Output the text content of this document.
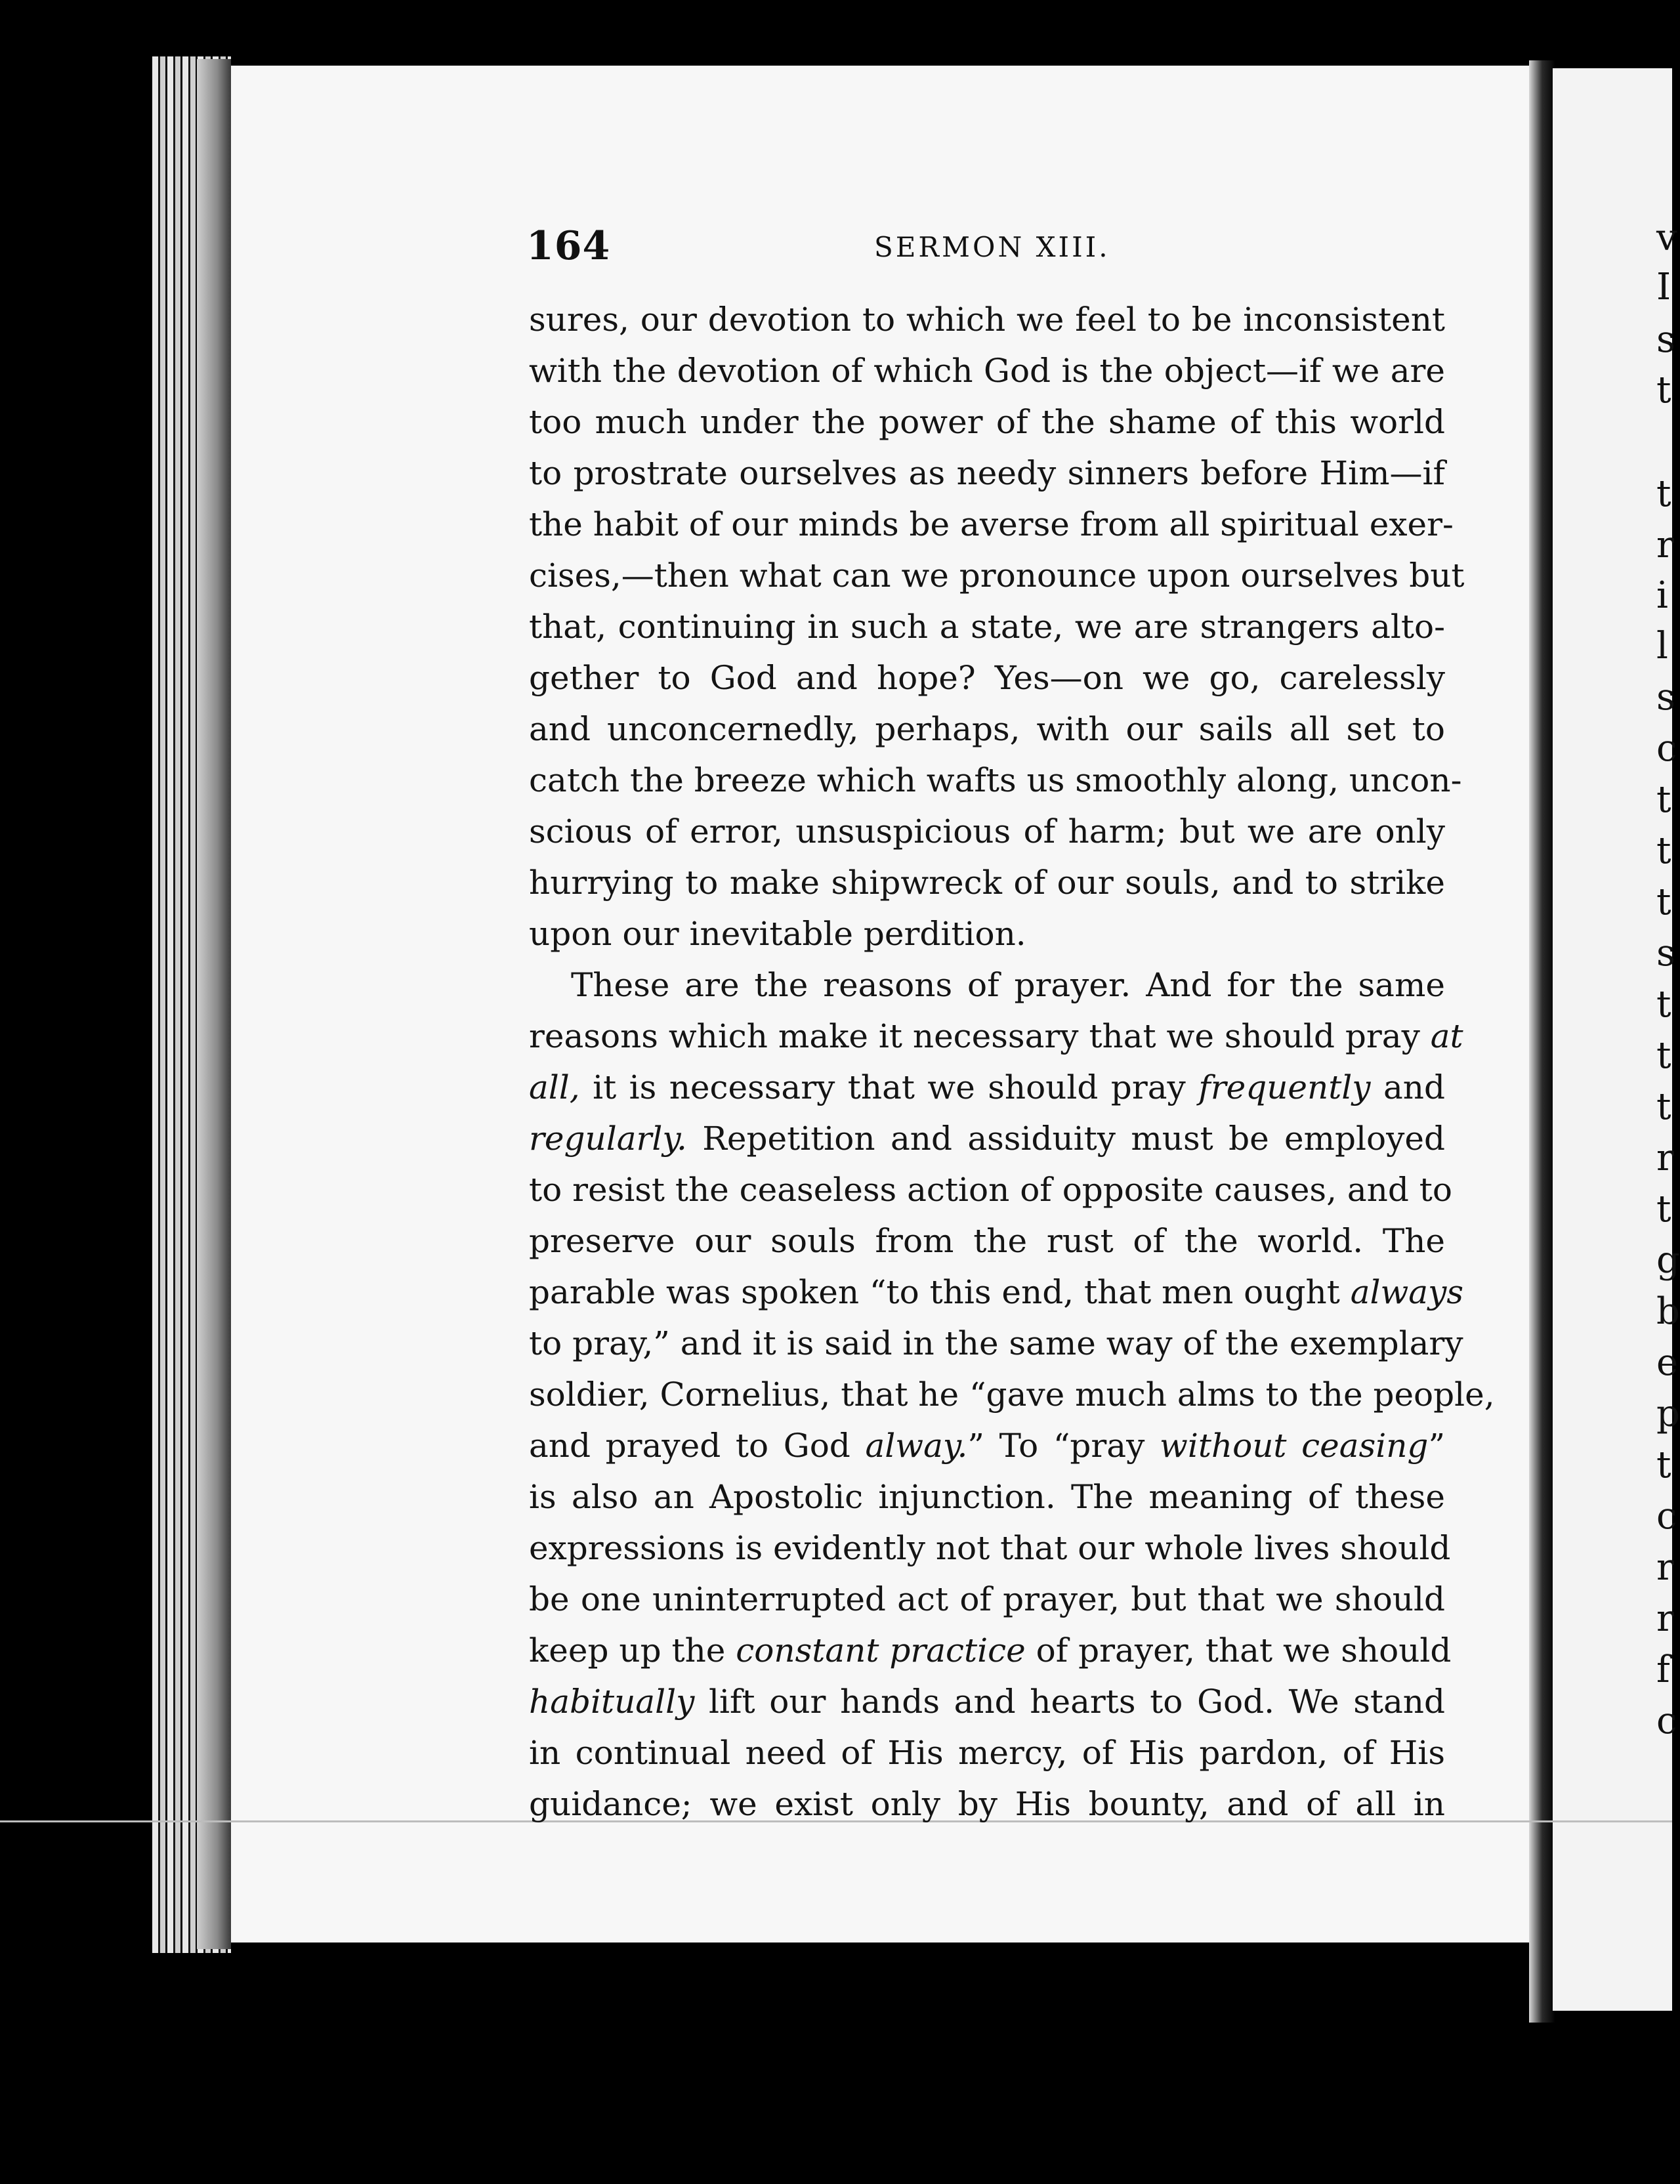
v
I
s
t
t
r
i
l
s
c
t
t
t
s
t
t
t
r
t
g
b
e
p
t
c
r
r
f
c
164	SERMON XIII.
sures, our devotion to which we feel to be inconsistent
with the devotion of which God is the object—if we are
too much under the power of the shame of this world
to prostrate ourselves as needy sinners before Him—if
the habit of our minds be averse from all spiritual exer-
cises,—then what can we pronounce upon ourselves but
that, continuing in such a state, we are strangers alto-
gether to God and hope? Yes—on we go, carelessly
and unconcernedly, perhaps, with our sails all set to
catch the breeze which wafts us smoothly along, uncon-
scious of error, unsuspicious of harm; but we are only
hurrying to make shipwreck of our souls, and to strike
upon our inevitable perdition.
These are the reasons of prayer. And for the same
reasons which make it necessary that we should pray at
all, it is necessary that we should pray frequently and
regularly. Repetition and assiduity must be employed
to resist the ceaseless action of opposite causes, and to
preserve our souls from the rust of the world. The
parable was spoken “to this end, that men ought always
to pray,” and it is said in the same way of the exemplary
soldier, Cornelius, that he “gave much alms to the people,
and prayed to God alway.” To “pray without ceasing”
is also an Apostolic injunction. The meaning of these
expressions is evidently not that our whole lives should
be one uninterrupted act of prayer, but that we should
keep up the constant practice of prayer, that we should
habitually lift our hands and hearts to God. We stand
in continual need of His mercy, of His pardon, of His
guidance; we exist only by His bounty, and of all in
